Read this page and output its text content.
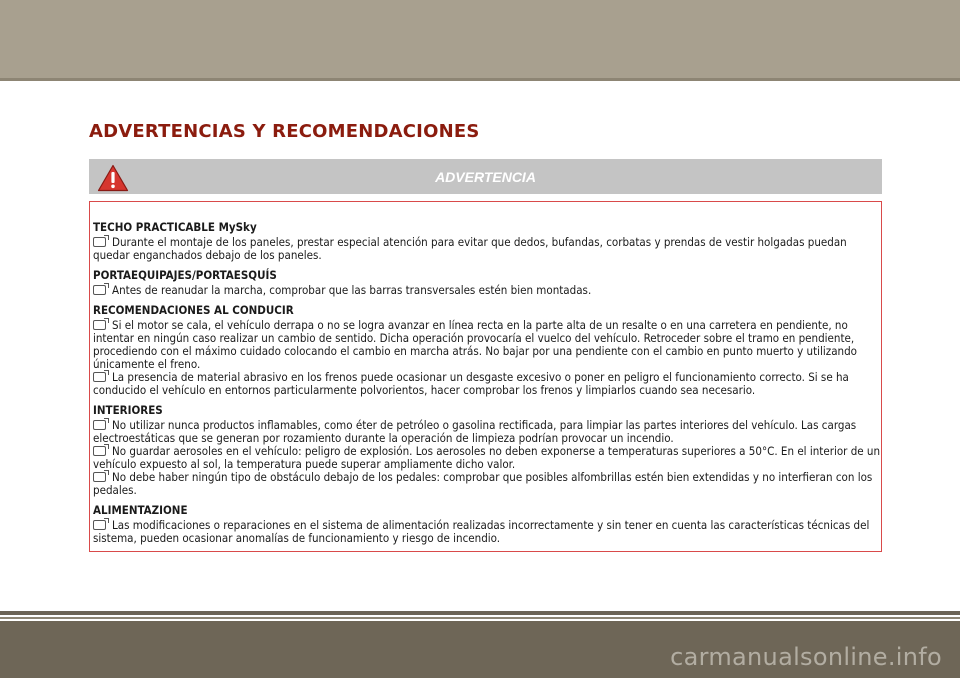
ADVERTENCIAS Y RECOMENDACIONES
ADVERTENCIA
TECHO PRACTICABLE MySky
Durante el montaje de los paneles, prestar especial atención para evitar que dedos, bufandas, corbatas y prendas de vestir holgadas puedan quedar enganchados debajo de los paneles.
PORTAEQUIPAJES/PORTAESQUÍS
Antes de reanudar la marcha, comprobar que las barras transversales estén bien montadas.
RECOMENDACIONES AL CONDUCIR
Si el motor se cala, el vehículo derrapa o no se logra avanzar en línea recta en la parte alta de un resalte o en una carretera en pendiente, no intentar en ningún caso realizar un cambio de sentido. Dicha operación provocaría el vuelco del vehículo. Retroceder sobre el tramo en pendiente, procediendo con el máximo cuidado colocando el cambio en marcha atrás. No bajar por una pendiente con el cambio en punto muerto y utilizando únicamente el freno.
La presencia de material abrasivo en los frenos puede ocasionar un desgaste excesivo o poner en peligro el funcionamiento correcto. Si se ha conducido el vehículo en entornos particularmente polvorientos, hacer comprobar los frenos y limpiarlos cuando sea necesario.
INTERIORES
No utilizar nunca productos inflamables, como éter de petróleo o gasolina rectificada, para limpiar las partes interiores del vehículo. Las cargas electroestáticas que se generan por rozamiento durante la operación de limpieza podrían provocar un incendio.
No guardar aerosoles en el vehículo: peligro de explosión. Los aerosoles no deben exponerse a temperaturas superiores a 50°C. En el interior de un vehículo expuesto al sol, la temperatura puede superar ampliamente dicho valor.
No debe haber ningún tipo de obstáculo debajo de los pedales: comprobar que posibles alfombrillas estén bien extendidas y no interfieran con los pedales.
ALIMENTAZIONE
Las modificaciones o reparaciones en el sistema de alimentación realizadas incorrectamente y sin tener en cuenta las características técnicas del sistema, pueden ocasionar anomalías de funcionamiento y riesgo de incendio.
carmanualsonline.info
